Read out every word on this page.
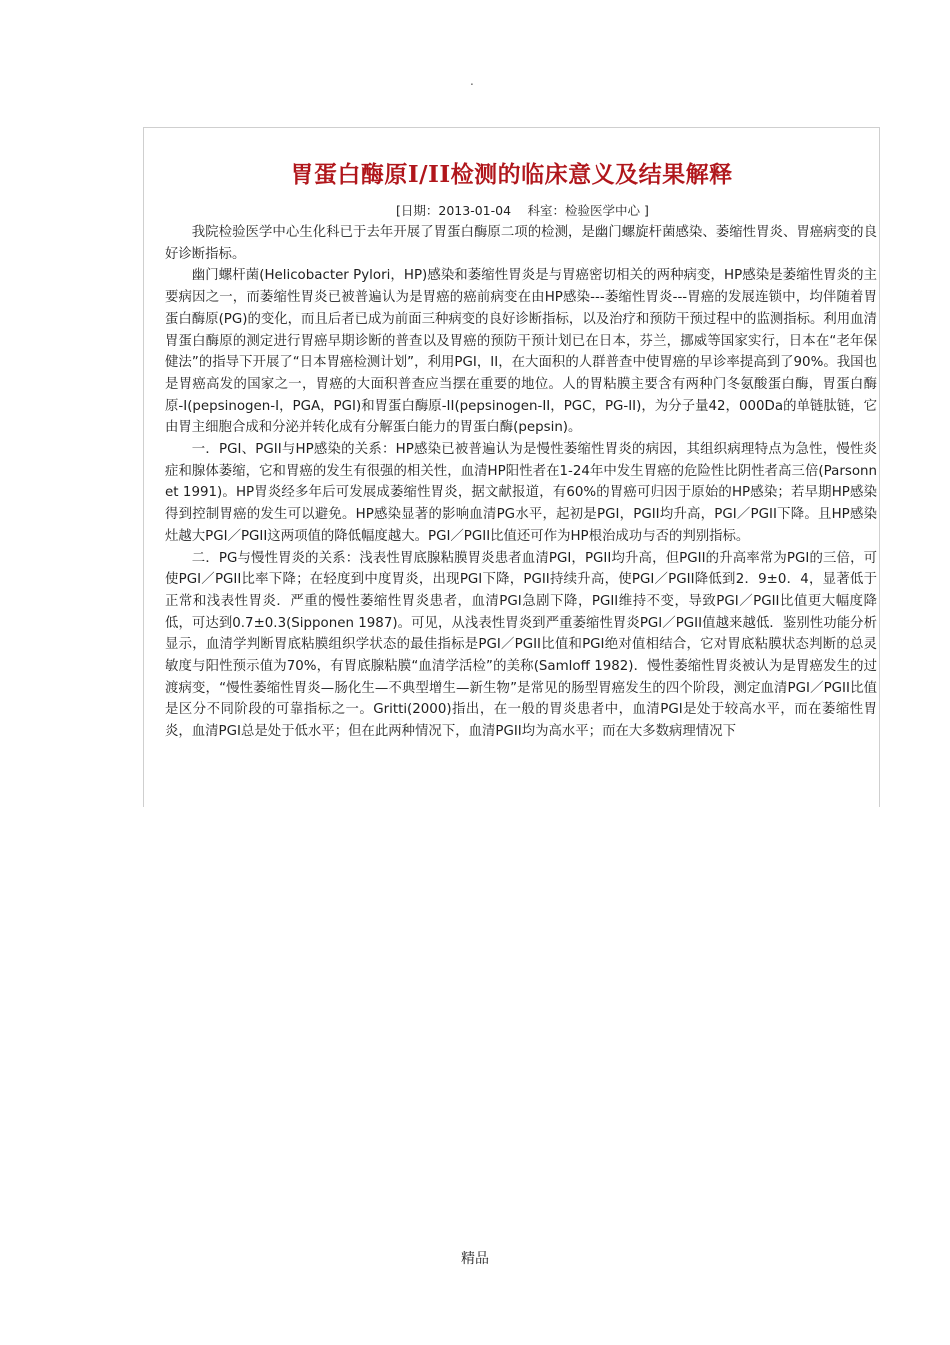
.
胃蛋白酶原I/II检测的临床意义及结果解释
[日期：2013-01-04　 科室：检验医学中心 ]

我院检验医学中心生化科已于去年开展了胃蛋白酶原二项的检测，是幽门螺旋杆菌感染、萎缩性胃炎、胃癌病变的良好诊断指标。

幽门螺杆菌(Helicobacter Pylori，HP)感染和萎缩性胃炎是与胃癌密切相关的两种病变，HP感染是萎缩性胃炎的主要病因之一，而萎缩性胃炎已被普遍认为是胃癌的癌前病变在由HP感染---萎缩性胃炎---胃癌的发展连锁中，均伴随着胃蛋白酶原(PG)的变化，而且后者已成为前面三种病变的良好诊断指标，以及治疗和预防干预过程中的监测指标。利用血清胃蛋白酶原的测定进行胃癌早期诊断的普查以及胃癌的预防干预计划已在日本，芬兰，挪威等国家实行，日本在“老年保健法”的指导下开展了“日本胃癌检测计划”，利用PGI，II，在大面积的人群普查中使胃癌的早诊率提高到了90%。我国也是胃癌高发的国家之一，胃癌的大面积普查应当摆在重要的地位。人的胃粘膜主要含有两种门冬氨酸蛋白酶，胃蛋白酶原-I(pepsinogen-I，PGA，PGI)和胃蛋白酶原-II(pepsinogen-II，PGC，PG-II)，为分子量42，000Da的单链肽链，它由胃主细胞合成和分泌并转化成有分解蛋白能力的胃蛋白酶(pepsin)。

一．PGI、PGII与HP感染的关系：HP感染已被普遍认为是慢性萎缩性胃炎的病因，其组织病理特点为急性，慢性炎症和腺体萎缩，它和胃癌的发生有很强的相关性，血清HP阳性者在1-24年中发生胃癌的危险性比阴性者高三倍(Parsonnet 1991)。HP胃炎经多年后可发展成萎缩性胃炎，据文献报道，有60%的胃癌可归因于原始的HP感染；若早期HP感染得到控制胃癌的发生可以避免。HP感染显著的影响血清PG水平，起初是PGI，PGII均升高，PGI／PGII下降。且HP感染灶越大PGI／PGII这两项值的降低幅度越大。PGI／PGII比值还可作为HP根治成功与否的判别指标。

二．PG与慢性胃炎的关系：浅表性胃底腺粘膜胃炎患者血清PGI，PGII均升高，但PGII的升高率常为PGI的三倍，可使PGI／PGII比率下降；在轻度到中度胃炎，出现PGI下降，PGII持续升高，使PGI／PGII降低到2．9±0．4，显著低于正常和浅表性胃炎．严重的慢性萎缩性胃炎患者，血清PGI急剧下降，PGII维持不变，导致PGI／PGII比值更大幅度降低，可达到0.7±0.3(Sipponen 1987)。可见，从浅表性胃炎到严重萎缩性胃炎PGI／PGII值越来越低．鉴别性功能分析显示，血清学判断胃底粘膜组织学状态的最佳指标是PGI／PGII比值和PGI绝对值相结合，它对胃底粘膜状态判断的总灵敏度与阳性预示值为70%，有胃底腺粘膜“血清学活检”的美称(Samloff 1982)．慢性萎缩性胃炎被认为是胃癌发生的过渡病变，“慢性萎缩性胃炎—肠化生—不典型增生—新生物”是常见的肠型胃癌发生的四个阶段，测定血清PGI／PGII比值是区分不同阶段的可靠指标之一。Gritti(2000)指出，在一般的胃炎患者中，血清PGI是处于较高水平，而在萎缩性胃炎，血清PGI总是处于低水平；但在此两种情况下，血清PGII均为高水平；而在大多数病理情况下

精品
